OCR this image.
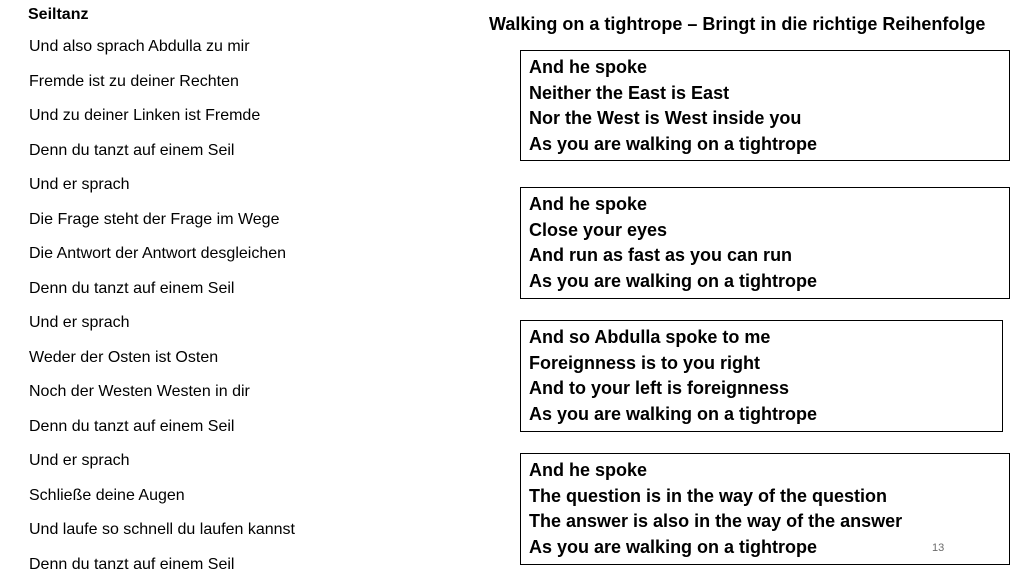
Seiltanz
Und also sprach Abdulla zu mir
Fremde ist zu deiner Rechten
Und zu deiner Linken ist Fremde
Denn du tanzt auf einem Seil
Und er sprach
Die Frage steht der Frage im Wege
Die Antwort der Antwort desgleichen
Denn du tanzt auf einem Seil
Und er sprach
Weder der Osten ist Osten
Noch der Westen Westen in dir
Denn du tanzt auf einem Seil
Und er sprach
Schließe deine Augen
Und laufe so schnell du laufen kannst
Denn du tanzt auf einem Seil
Walking on a tightrope – Bringt in die richtige Reihenfolge
And he spoke
Neither the East is East
Nor the West is West inside you
As you are walking on a tightrope
And he spoke
Close your eyes
And run as fast as you can run
As you are walking on a tightrope
And so Abdulla spoke to me
Foreignness is to you right
And to your left is foreignness
As you are walking on a tightrope
And he spoke
The question is in the way of the question
The answer is also in the way of the answer
As you are walking on a tightrope	13
